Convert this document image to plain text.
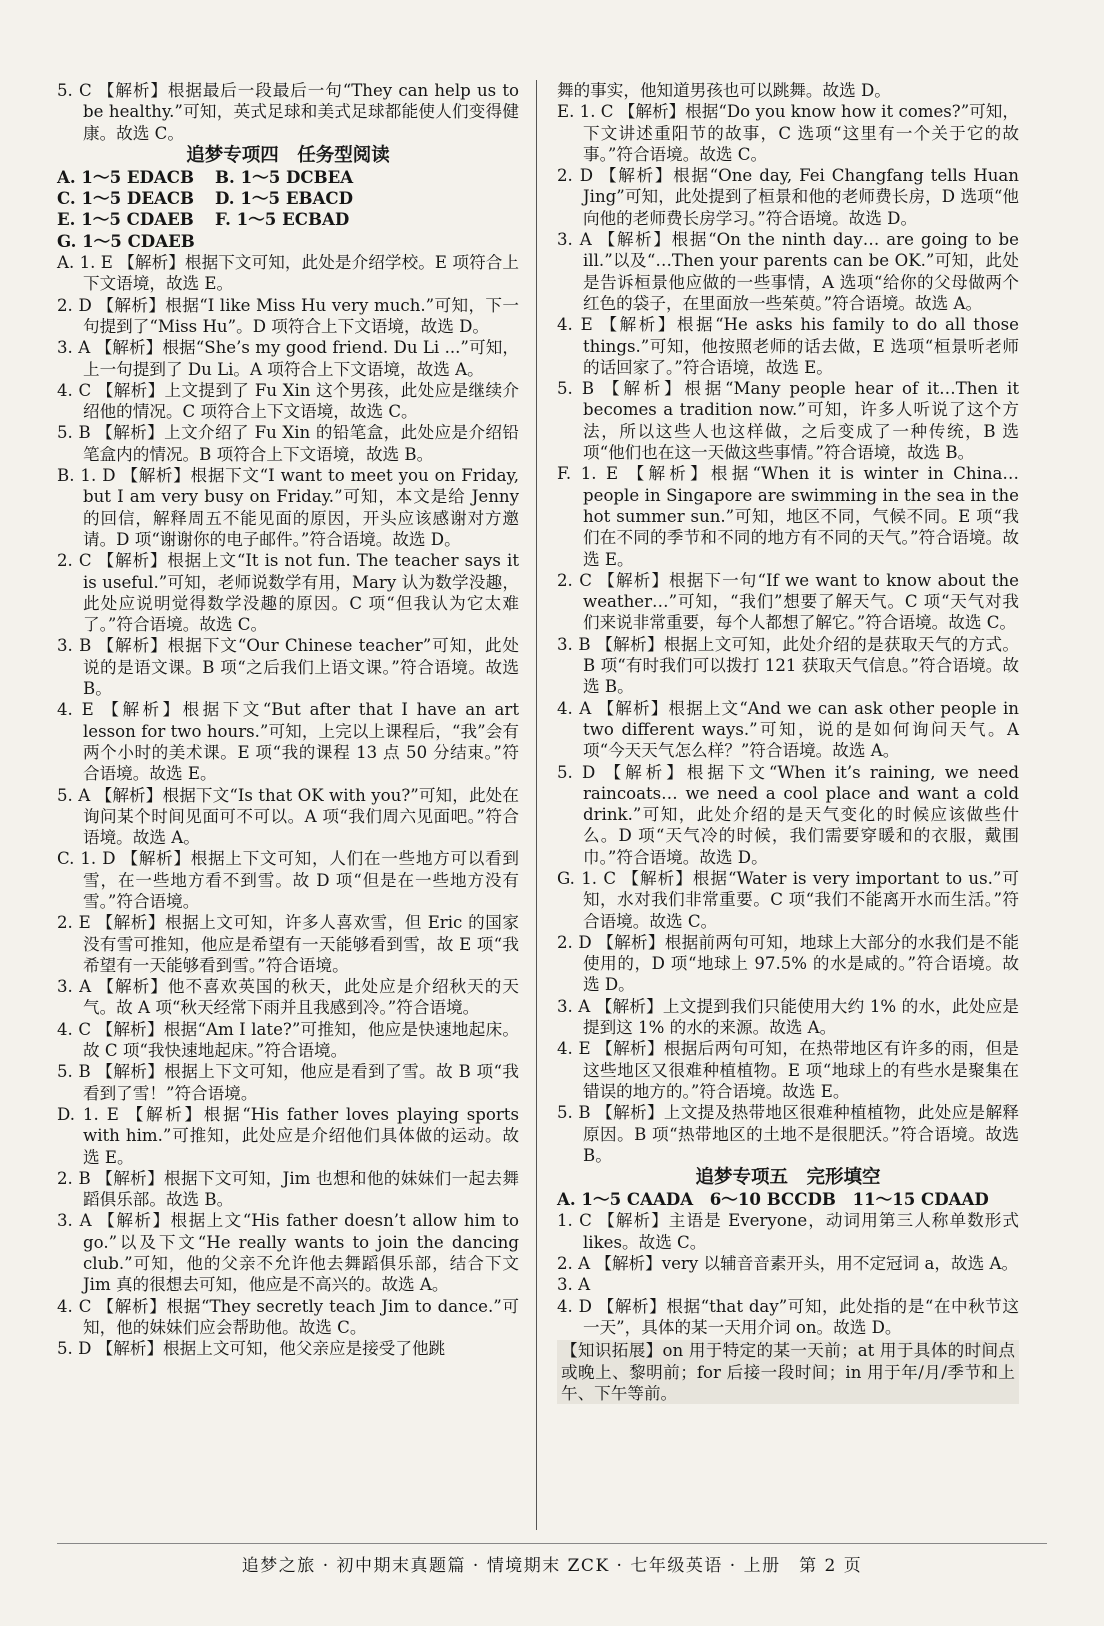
5. C 【解析】根据最后一段最后一句“They can help us to be healthy.”可知，英式足球和美式足球都能使人们变得健康。故选 C。
追梦专项四　任务型阅读
A. 1～5 EDACB B. 1～5 DCBEA
C. 1～5 DEACB D. 1～5 EBACD
E. 1～5 CDAEB F. 1～5 ECBAD
G. 1～5 CDAEB
A. 1. E 【解析】根据下文可知，此处是介绍学校。E 项符合上下文语境，故选 E。
2. D 【解析】根据“I like Miss Hu very much.”可知，下一句提到了“Miss Hu”。D 项符合上下文语境，故选 D。
3. A 【解析】根据“She’s my good friend. Du Li ...”可知，上一句提到了 Du Li。A 项符合上下文语境，故选 A。
4. C 【解析】上文提到了 Fu Xin 这个男孩，此处应是继续介绍他的情况。C 项符合上下文语境，故选 C。
5. B 【解析】上文介绍了 Fu Xin 的铅笔盒，此处应是介绍铅笔盒内的情况。B 项符合上下文语境，故选 B。
B. 1. D 【解析】根据下文“I want to meet you on Friday, but I am very busy on Friday.”可知，本文是给 Jenny 的回信，解释周五不能见面的原因，开头应该感谢对方邀请。D 项“谢谢你的电子邮件。”符合语境。故选 D。
2. C 【解析】根据上文“It is not fun. The teacher says it is useful.”可知，老师说数学有用，Mary 认为数学没趣，此处应说明觉得数学没趣的原因。C 项“但我认为它太难了。”符合语境。故选 C。
3. B 【解析】根据下文“Our Chinese teacher”可知，此处说的是语文课。B 项“之后我们上语文课。”符合语境。故选 B。
4. E 【解析】根据下文“But after that I have an art lesson for two hours.”可知，上完以上课程后，“我”会有两个小时的美术课。E 项“我的课程 13 点 50 分结束。”符合语境。故选 E。
5. A 【解析】根据下文“Is that OK with you?”可知，此处在询问某个时间见面可不可以。A 项“我们周六见面吧。”符合语境。故选 A。
C. 1. D 【解析】根据上下文可知，人们在一些地方可以看到雪，在一些地方看不到雪。故 D 项“但是在一些地方没有雪。”符合语境。
2. E 【解析】根据上文可知，许多人喜欢雪，但 Eric 的国家没有雪可推知，他应是希望有一天能够看到雪，故 E 项“我希望有一天能够看到雪。”符合语境。
3. A 【解析】他不喜欢英国的秋天，此处应是介绍秋天的天气。故 A 项“秋天经常下雨并且我感到冷。”符合语境。
4. C 【解析】根据“Am I late?”可推知，他应是快速地起床。故 C 项“我快速地起床。”符合语境。
5. B 【解析】根据上下文可知，他应是看到了雪。故 B 项“我看到了雪！”符合语境。
D. 1. E 【解析】根据“His father loves playing sports with him.”可推知，此处应是介绍他们具体做的运动。故选 E。
2. B 【解析】根据下文可知，Jim 也想和他的妹妹们一起去舞蹈俱乐部。故选 B。
3. A 【解析】根据上文“His father doesn’t allow him to go.”以及下文“He really wants to join the dancing club.”可知，他的父亲不允许他去舞蹈俱乐部，结合下文 Jim 真的很想去可知，他应是不高兴的。故选 A。
4. C 【解析】根据“They secretly teach Jim to dance.”可知，他的妹妹们应会帮助他。故选 C。
5. D 【解析】根据上文可知，他父亲应是接受了他跳
舞的事实，他知道男孩也可以跳舞。故选 D。
E. 1. C 【解析】根据“Do you know how it comes?”可知，下文讲述重阳节的故事，C 选项“这里有一个关于它的故事。”符合语境。故选 C。
2. D 【解析】根据“One day, Fei Changfang tells Huan Jing”可知，此处提到了桓景和他的老师费长房，D 选项“他向他的老师费长房学习。”符合语境。故选 D。
3. A 【解析】根据“On the ninth day… are going to be ill.”以及“…Then your parents can be OK.”可知，此处是告诉桓景他应做的一些事情，A 选项“给你的父母做两个红色的袋子，在里面放一些茱萸。”符合语境。故选 A。
4. E 【解析】根据“He asks his family to do all those things.”可知，他按照老师的话去做，E 选项“桓景听老师的话回家了。”符合语境，故选 E。
5. B 【解析】根据“Many people hear of it…Then it becomes a tradition now.”可知，许多人听说了这个方法，所以这些人也这样做，之后变成了一种传统，B 选项“他们也在这一天做这些事情。”符合语境，故选 B。
F. 1. E 【解析】根据“When it is winter in China… people in Singapore are swimming in the sea in the hot summer sun.”可知，地区不同，气候不同。E 项“我们在不同的季节和不同的地方有不同的天气。”符合语境。故选 E。
2. C 【解析】根据下一句“If we want to know about the weather…”可知，“我们”想要了解天气。C 项“天气对我们来说非常重要，每个人都想了解它。”符合语境。故选 C。
3. B 【解析】根据上文可知，此处介绍的是获取天气的方式。B 项“有时我们可以拨打 121 获取天气信息。”符合语境。故选 B。
4. A 【解析】根据上文“And we can ask other people in two different ways.”可知，说的是如何询问天气。A 项“今天天气怎么样？”符合语境。故选 A。
5. D 【解析】根据下文“When it’s raining, we need raincoats… we need a cool place and want a cold drink.”可知，此处介绍的是天气变化的时候应该做些什么。D 项“天气冷的时候，我们需要穿暖和的衣服，戴围巾。”符合语境。故选 D。
G. 1. C 【解析】根据“Water is very important to us.”可知，水对我们非常重要。C 项“我们不能离开水而生活。”符合语境。故选 C。
2. D 【解析】根据前两句可知，地球上大部分的水我们是不能使用的，D 项“地球上 97.5% 的水是咸的。”符合语境。故选 D。
3. A 【解析】上文提到我们只能使用大约 1% 的水，此处应是提到这 1% 的水的来源。故选 A。
4. E 【解析】根据后两句可知，在热带地区有许多的雨，但是这些地区又很难种植植物。E 项“地球上的有些水是聚集在错误的地方的。”符合语境。故选 E。
5. B 【解析】上文提及热带地区很难种植植物，此处应是解释原因。B 项“热带地区的土地不是很肥沃。”符合语境。故选 B。
追梦专项五　完形填空
A. 1～5 CAADA　6～10 BCCDB　11～15 CDAAD
1. C 【解析】主语是 Everyone，动词用第三人称单数形式 likes。故选 C。
2. A 【解析】very 以辅音音素开头，用不定冠词 a，故选 A。
3. A
4. D 【解析】根据“that day”可知，此处指的是“在中秋节这一天”，具体的某一天用介词 on。故选 D。
【知识拓展】on 用于特定的某一天前；at 用于具体的时间点或晚上、黎明前；for 后接一段时间；in 用于年/月/季节和上午、下午等前。
追梦之旅 · 初中期末真题篇 · 情境期末 ZCK · 七年级英语 · 上册　第 2 页
